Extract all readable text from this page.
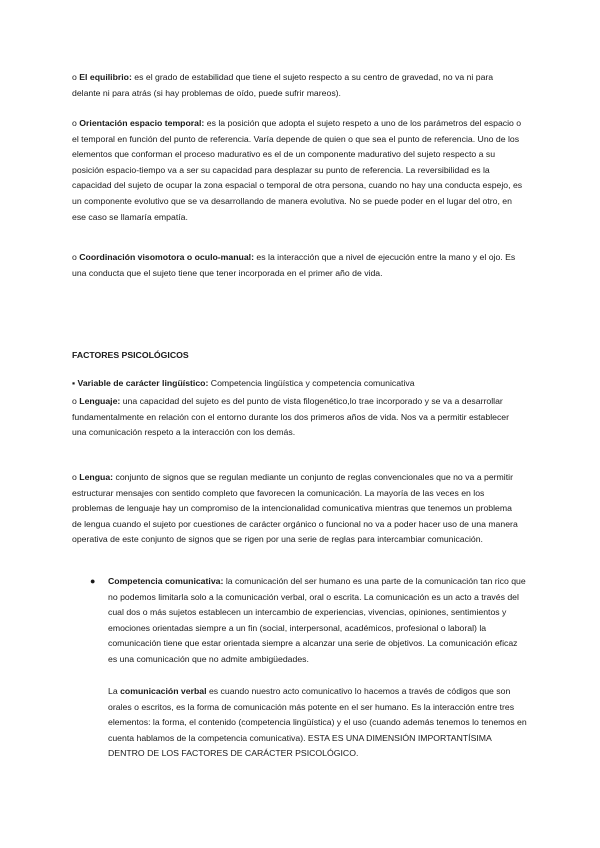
o El equilibrio: es el grado de estabilidad que tiene el sujeto respecto a su centro de gravedad, no va ni para delante ni para atrás (si hay problemas de oído, puede sufrir mareos).

o Orientación espacio temporal: es la posición que adopta el sujeto respeto a uno de los parámetros del espacio o el temporal en función del punto de referencia. Varía depende de quien o que sea el punto de referencia. Uno de los elementos que conforman el proceso madurativo es el de un componente madurativo del sujeto respecto a su posición espacio-tiempo va a ser su capacidad para desplazar su punto de referencia. La reversibilidad es la capacidad del sujeto de ocupar la zona espacial o temporal de otra persona, cuando no hay una conducta espejo, es un componente evolutivo que se va desarrollando de manera evolutiva. No se puede poder en el lugar del otro, en ese caso se llamaría empatía.

o Coordinación visomotora o oculo-manual: es la interacción que a nivel de ejecución entre la mano y el ojo. Es una conducta que el sujeto tiene que tener incorporada en el primer año de vida.

FACTORES PSICOLÓGICOS

▪ Variable de carácter lingüístico: Competencia lingüística y competencia comunicativa

o Lenguaje: una capacidad del sujeto es del punto de vista filogenético,lo trae incorporado y se va a desarrollar fundamentalmente en relación con el entorno durante los dos primeros años de vida. Nos va a permitir establecer una comunicación respeto a la interacción con los demás.

o Lengua: conjunto de signos que se regulan mediante un conjunto de reglas convencionales que no va a permitir estructurar mensajes con sentido completo que favorecen la comunicación. La mayoría de las veces en los problemas de lenguaje hay un compromiso de la intencionalidad comunicativa mientras que tenemos un problema de lengua cuando el sujeto por cuestiones de carácter orgánico o funcional no va a poder hacer uso de una manera operativa de este conjunto de signos que se rigen por una serie de reglas para intercambiar comunicación.

● Competencia comunicativa: la comunicación del ser humano es una parte de la comunicación tan rico que no podemos limitarla solo a la comunicación verbal, oral o escrita. La comunicación es un acto a través del cual dos o más sujetos establecen un intercambio de experiencias, vivencias, opiniones, sentimientos y emociones orientadas siempre a un fin (social, interpersonal, académicos, profesional o laboral) la comunicación tiene que estar orientada siempre a alcanzar una serie de objetivos. La comunicación eficaz es una comunicación que no admite ambigüedades.

La comunicación verbal es cuando nuestro acto comunicativo lo hacemos a través de códigos que son orales o escritos, es la forma de comunicación más potente en el ser humano. Es la interacción entre tres elementos: la forma, el contenido (competencia lingüística) y el uso (cuando además tenemos lo tenemos en cuenta hablamos de la competencia comunicativa). ESTA ES UNA DIMENSIÓN IMPORTANTÍSIMA DENTRO DE LOS FACTORES DE CARÁCTER PSICOLÓGICO.
